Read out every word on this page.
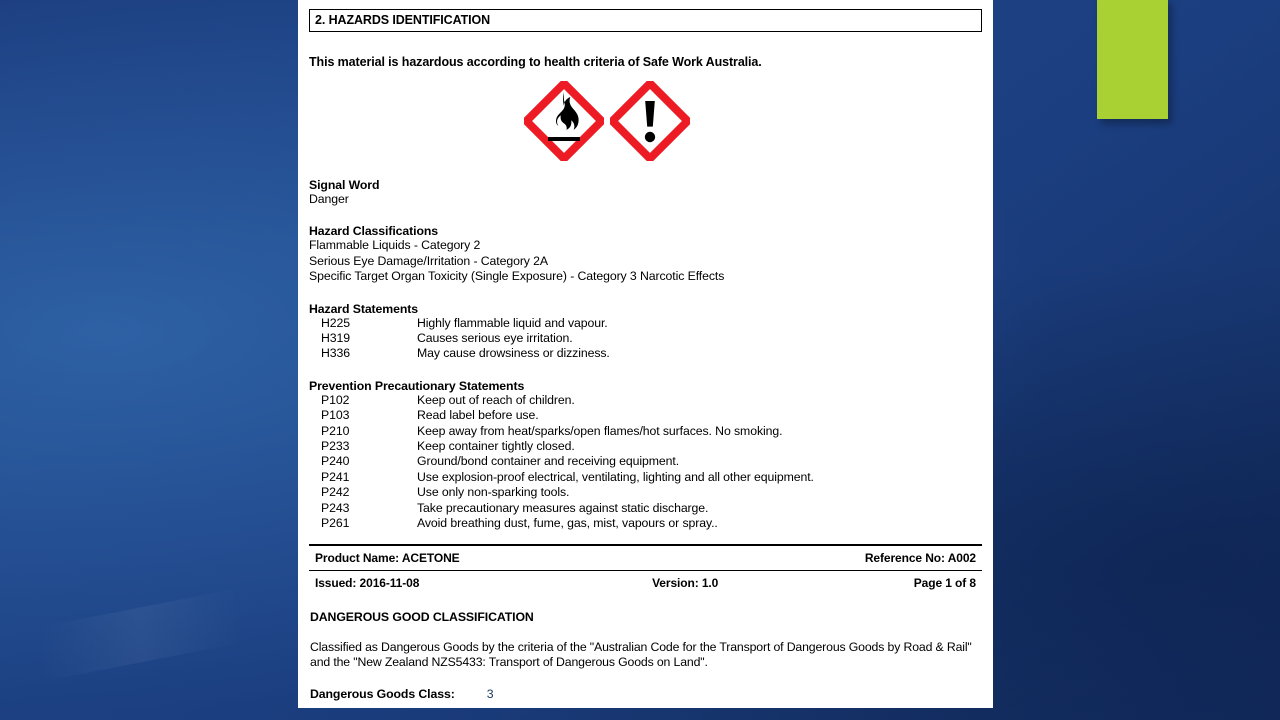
2. HAZARDS IDENTIFICATION
This material is hazardous according to health criteria of Safe Work Australia.
Signal Word
Danger
Hazard Classifications
Flammable Liquids - Category 2
Serious Eye Damage/Irritation - Category 2A
Specific Target Organ Toxicity (Single Exposure) - Category 3 Narcotic Effects
Hazard Statements
H225	Highly flammable liquid and vapour.
H319	Causes serious eye irritation.
H336	May cause drowsiness or dizziness.
Prevention Precautionary Statements
P102	Keep out of reach of children.
P103	Read label before use.
P210	Keep away from heat/sparks/open flames/hot surfaces. No smoking.
P233	Keep container tightly closed.
P240	Ground/bond container and receiving equipment.
P241	Use explosion-proof electrical, ventilating, lighting and all other equipment.
P242	Use only non-sparking tools.
P243	Take precautionary measures against static discharge.
P261	Avoid breathing dust, fume, gas, mist, vapours or spray..
Product Name: ACETONE	Reference No: A002
Issued: 2016-11-08	Version: 1.0	Page 1 of 8
DANGEROUS GOOD CLASSIFICATION
Classified as Dangerous Goods by the criteria of the "Australian Code for the Transport of Dangerous Goods by Road & Rail" and the "New Zealand NZS5433: Transport of Dangerous Goods on Land".
Dangerous Goods Class:	3
